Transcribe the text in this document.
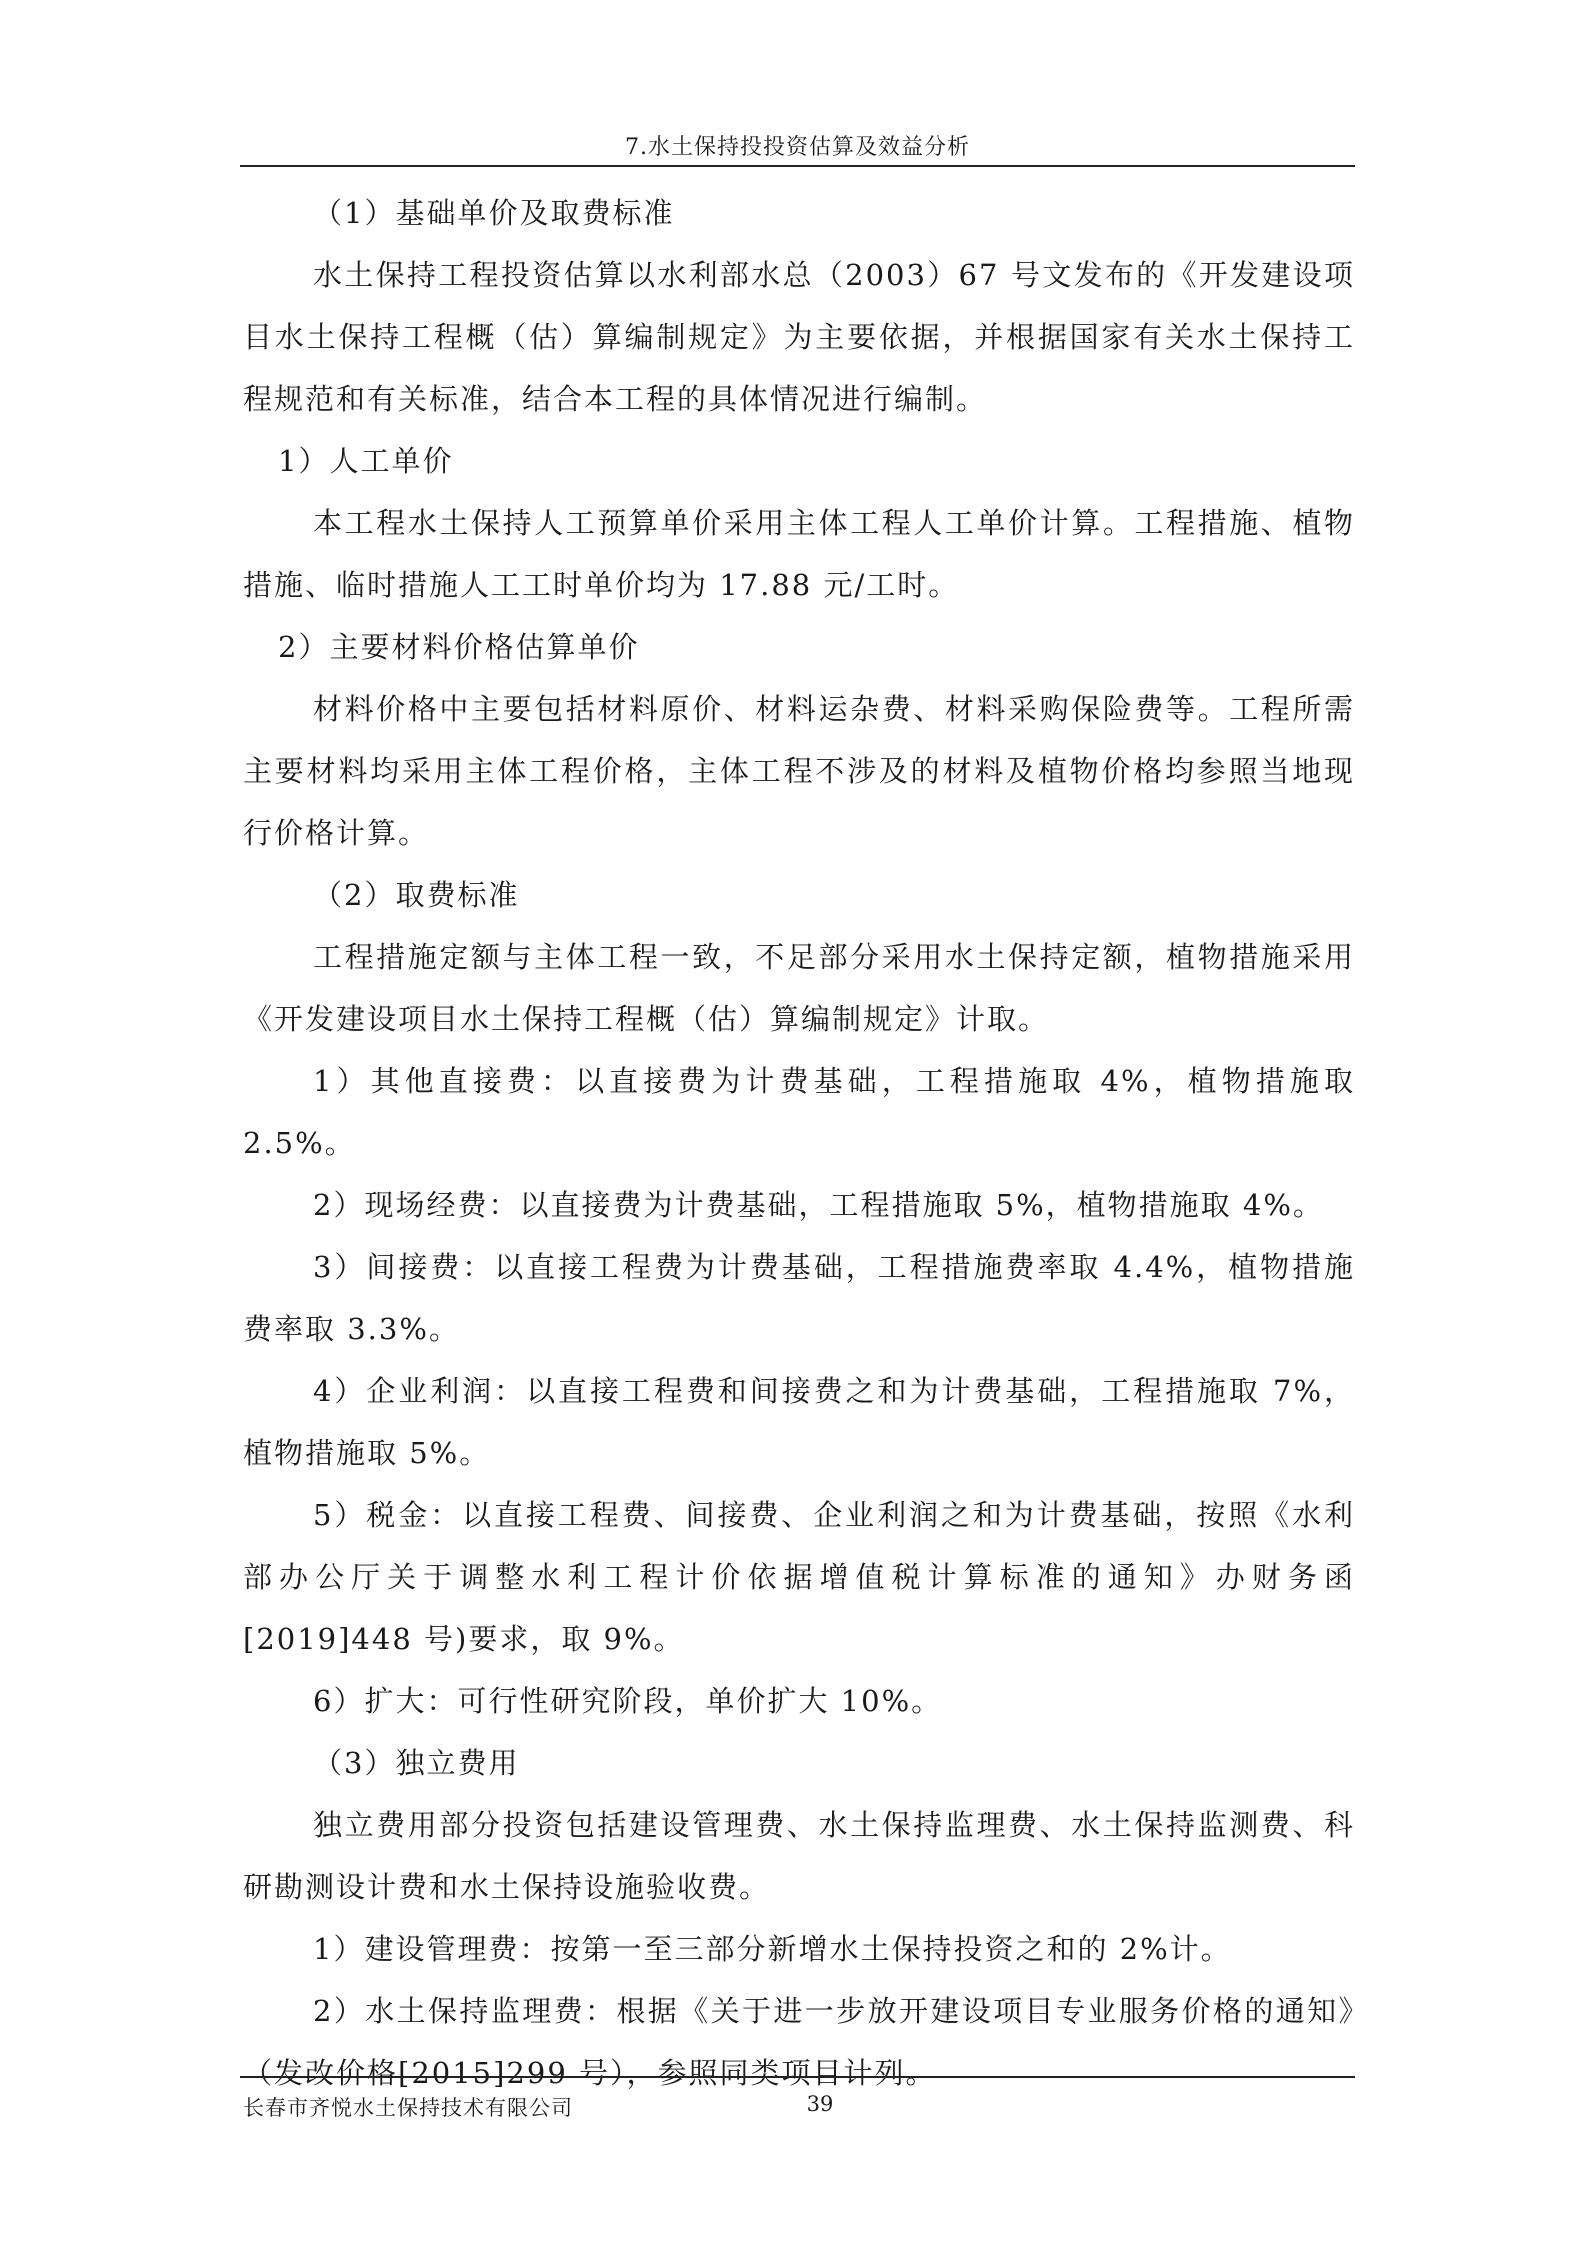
7.水土保持投投资估算及效益分析

（1）基础单价及取费标准

水土保持工程投资估算以水利部水总（2003）67 号文发布的《开发建设项目水土保持工程概（估）算编制规定》为主要依据，并根据国家有关水土保持工程规范和有关标准，结合本工程的具体情况进行编制。

1）人工单价

本工程水土保持人工预算单价采用主体工程人工单价计算。工程措施、植物措施、临时措施人工工时单价均为 17.88 元/工时。

2）主要材料价格估算单价

材料价格中主要包括材料原价、材料运杂费、材料采购保险费等。工程所需主要材料均采用主体工程价格，主体工程不涉及的材料及植物价格均参照当地现行价格计算。

（2）取费标准

工程措施定额与主体工程一致，不足部分采用水土保持定额，植物措施采用《开发建设项目水土保持工程概（估）算编制规定》计取。

1）其他直接费：以直接费为计费基础，工程措施取 4%，植物措施取 2.5%。

2）现场经费：以直接费为计费基础，工程措施取 5%，植物措施取 4%。

3）间接费：以直接工程费为计费基础，工程措施费率取 4.4%，植物措施费率取 3.3%。

4）企业利润：以直接工程费和间接费之和为计费基础，工程措施取 7%，植物措施取 5%。

5）税金：以直接工程费、间接费、企业利润之和为计费基础，按照《水利部办公厅关于调整水利工程计价依据增值税计算标准的通知》办财务函[2019]448 号)要求，取 9%。

6）扩大：可行性研究阶段，单价扩大 10%。

（3）独立费用

独立费用部分投资包括建设管理费、水土保持监理费、水土保持监测费、科研勘测设计费和水土保持设施验收费。

1）建设管理费：按第一至三部分新增水土保持投资之和的 2%计。

2）水土保持监理费：根据《关于进一步放开建设项目专业服务价格的通知》（发改价格[2015]299 号），参照同类项目计列。

长春市齐悦水土保持技术有限公司	39
